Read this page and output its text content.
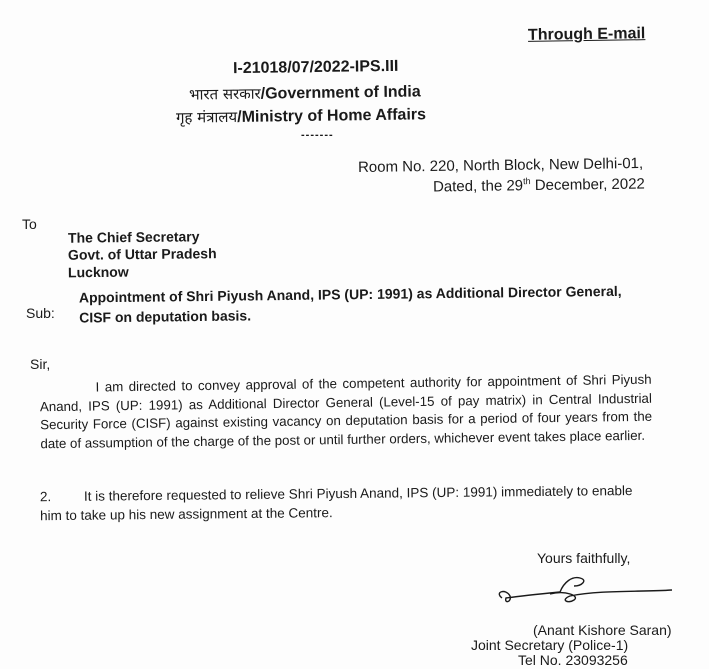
Through E-mail
I-21018/07/2022-IPS.III
भारत सरकार/Government of India
गृह मंत्रालय/Ministry of Home Affairs
-------
Room No. 220, North Block, New Delhi-01,
Dated, the 29th December, 2022
To
The Chief Secretary
Govt. of Uttar Pradesh
Lucknow
Sub:
Appointment of Shri Piyush Anand, IPS (UP: 1991) as Additional Director General, CISF on deputation basis.
Sir,
I am directed to convey approval of the competent authority for appointment of Shri Piyush Anand, IPS (UP: 1991) as Additional Director General (Level-15 of pay matrix) in Central Industrial Security Force (CISF) against existing vacancy on deputation basis for a period of four years from the date of assumption of the charge of the post or until further orders, whichever event takes place earlier.
2. It is therefore requested to relieve Shri Piyush Anand, IPS (UP: 1991) immediately to enable him to take up his new assignment at the Centre.
Yours faithfully,
(Anant Kishore Saran)
Joint Secretary (Police-1)
Tel No. 23093256
